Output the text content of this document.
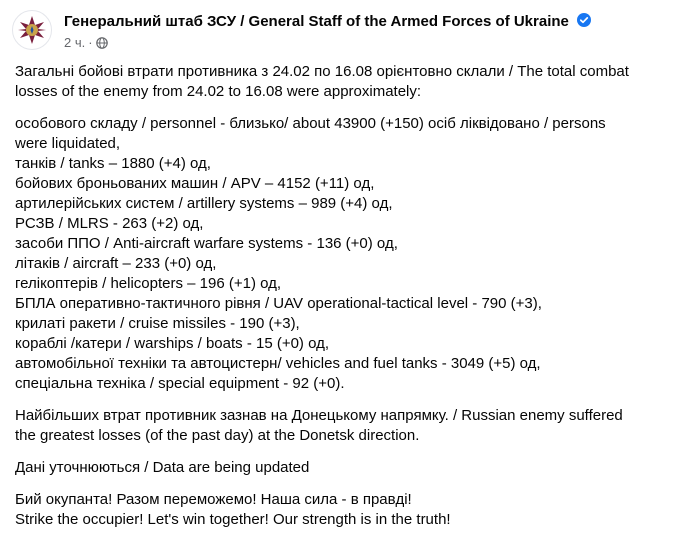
Генеральний штаб ЗСУ / General Staff of the Armed Forces of Ukraine
2 ч. ·

Загальні бойові втрати противника з 24.02 по 16.08 орієнтовно склали / The total combat
losses of the enemy from 24.02 to 16.08 were approximately:

особового складу / personnel - близько/ about 43900 (+150) осіб ліквідовано / persons
were liquidated,
танків / tanks ‒ 1880 (+4) од,
бойових броньованих машин / APV ‒ 4152 (+11) од,
артилерійських систем / artillery systems – 989 (+4) од,
РСЗВ / MLRS - 263 (+2) од,
засоби ППО / Anti-aircraft warfare systems - 136 (+0) од,
літаків / aircraft – 233 (+0) од,
гелікоптерів / helicopters – 196 (+1) од,
БПЛА оперативно-тактичного рівня / UAV operational-tactical level - 790 (+3),
крилаті ракети / cruise missiles - 190 (+3),
кораблі /катери / warships / boats - 15 (+0) од,
автомобільної техніки та автоцистерн/ vehicles and fuel tanks - 3049 (+5) од,
спеціальна техніка / special equipment - 92 (+0).

Найбільших втрат противник зазнав на Донецькому напрямку. / Russian enemy suffered
the greatest losses (of the past day) at the Donetsk direction.

Дані уточнюються / Data are being updated

Бий окупанта! Разом переможемо! Наша сила - в правді!
Strike the occupier! Let's win together! Our strength is in the truth!
